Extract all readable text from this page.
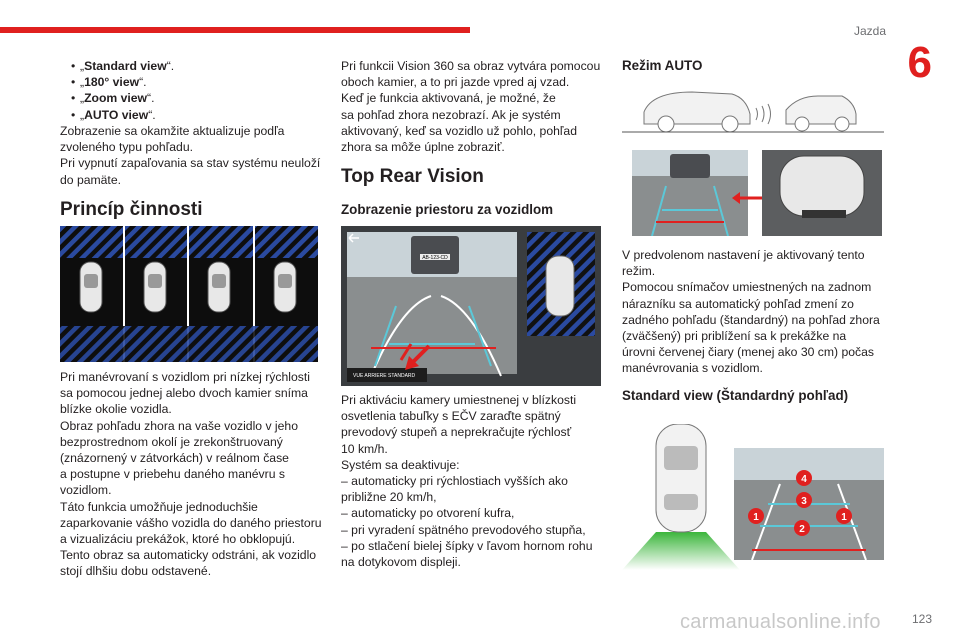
Jazda
6
• „Standard view“.
• „180° view“.
• „Zoom view“.
• „AUTO view“.
Zobrazenie sa okamžite aktualizuje podľa
zvoleného typu pohľadu.
Pri vypnutí zapaľovania sa stav systému neuloží
do pamäte.
Princíp činnosti
Pri manévrovaní s vozidlom pri nízkej rýchlosti
sa pomocou jednej alebo dvoch kamier sníma
blízke okolie vozidla.
Obraz pohľadu zhora na vaše vozidlo v jeho
bezprostrednom okolí je zrekonštruovaný
(znázornený v zátvorkách) v reálnom čase
a postupne v priebehu daného manévru s
vozidlom.
Táto funkcia umožňuje jednoduchšie
zaparkovanie vášho vozidla do daného priestoru
a vizualizáciu prekážok, ktoré ho obklopujú.
Tento obraz sa automaticky odstráni, ak vozidlo
stojí dlhšiu dobu odstavené.
Pri funkcii Vision 360 sa obraz vytvára pomocou
oboch kamier, a to pri jazde vpred aj vzad.
Keď je funkcia aktivovaná, je možné, že
sa pohľad zhora nezobrazí. Ak je systém
aktivovaný, keď sa vozidlo už pohlo, pohľad
zhora sa môže úplne zobraziť.
Top Rear Vision
Zobrazenie priestoru za vozidlom
AB-123-CD
VUE ARRIERE STANDARD
Pri aktiváciu kamery umiestnenej v blízkosti
osvetlenia tabuľky s EČV zaraďte spätný
prevodový stupeň a neprekračujte rýchlosť
10 km/h.
Systém sa deaktivuje:
– automaticky pri rýchlostiach vyšších ako
približne 20 km/h,
– automaticky po otvorení kufra,
– pri vyradení spätného prevodového stupňa,
– po stlačení bielej šípky v ľavom hornom rohu
na dotykovom displeji.
Režim AUTO
V predvolenom nastavení je aktivovaný tento
režim.
Pomocou snímačov umiestnených na zadnom
nárazníku sa automatický pohľad zmení zo
zadného pohľadu (štandardný) na pohľad zhora
(zväčšený) pri priblížení sa k prekážke na
úrovni červenej čiary (menej ako 30 cm) počas
manévrovania s vozidlom.
Standard view (Štandardný pohľad)
4
3
1
2
1
carmanualsonline.info	123
